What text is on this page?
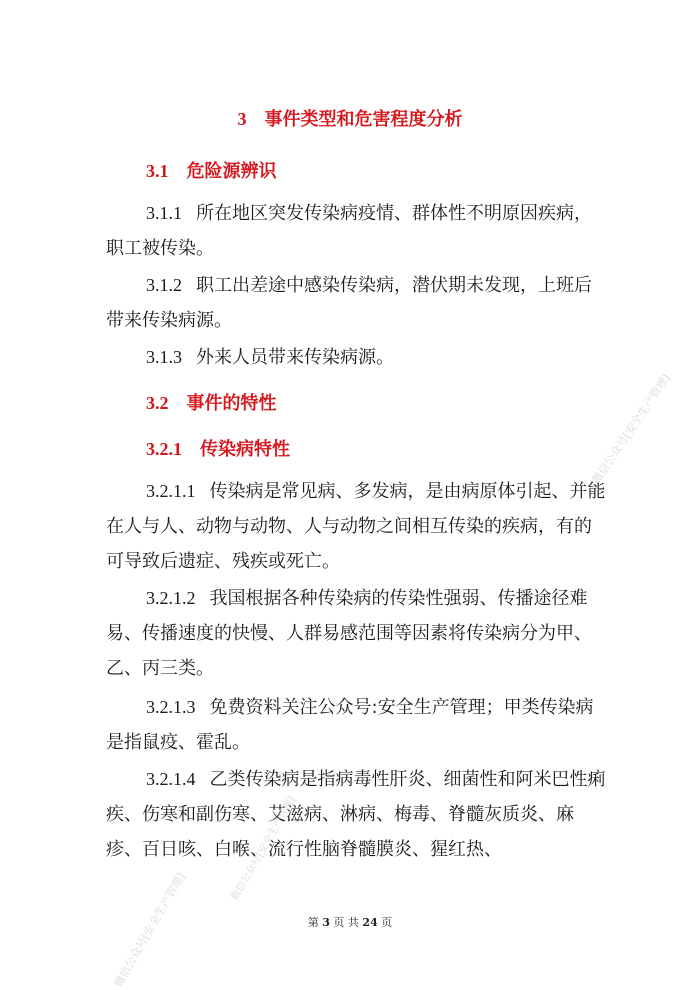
3 事件类型和危害程度分析
3.1 危险源辨识
3.1.1 所在地区突发传染病疫情、群体性不明原因疾病，职工被传染。
3.1.2 职工出差途中感染传染病，潜伏期未发现，上班后带来传染病源。
3.1.3 外来人员带来传染病源。
3.2 事件的特性
3.2.1 传染病特性
3.2.1.1 传染病是常见病、多发病，是由病原体引起、并能在人与人、动物与动物、人与动物之间相互传染的疾病，有的可导致后遗症、残疾或死亡。
3.2.1.2 我国根据各种传染病的传染性强弱、传播途径难易、传播速度的快慢、人群易感范围等因素将传染病分为甲、乙、丙三类。
3.2.1.3 免费资料关注公众号:安全生产管理；甲类传染病是指鼠疫、霍乱。
3.2.1.4 乙类传染病是指病毒性肝炎、细菌性和阿米巴性痢疾、伤寒和副伤寒、艾滋病、淋病、梅毒、脊髓灰质炎、麻疹、百日咳、白喉、流行性脑脊髓膜炎、猩红热、
第 3 页 共 24 页
微信公众号[安全生产管理]
微信公众号[安全生产管理]
微信公众号[安全生产管理]
